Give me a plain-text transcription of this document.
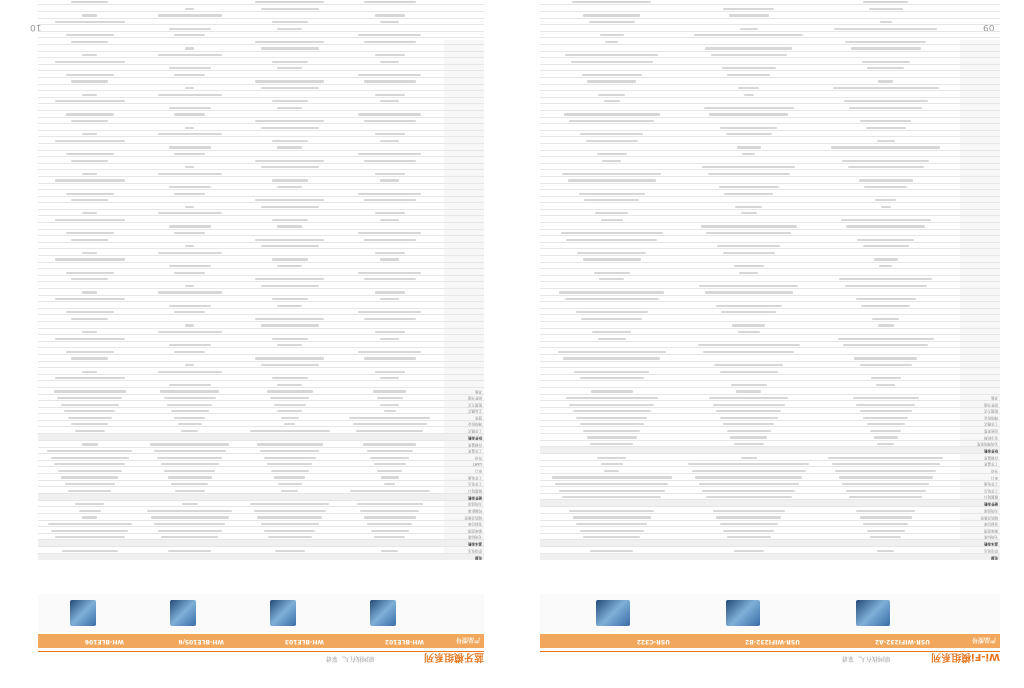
10
蓝牙模组系列
联网找有人，靠谱
产品型号
WH-BLE102
WH-BLE103
WH-BLE105/6
WH-BLE106
电源
供电电压
基本参数
无线标准
频率范围
发射功率
接收灵敏度
传输距离
天线选项
硬件参数
数据接口
工作电压
工作电流
串口
UART
外设
工作温度
存储温度
软件参数
工作模式
网络协议
透传
主从模式
配置方式
固件升级
其他
09
Wi-Fi模组系列
联网找有人，靠谱
产品型号
USR-WIFI232-A2
USR-WIFI232-B2
USR-C322
电源
供电电压
基本参数
无线标准
频率范围
发射功率
接收灵敏度
天线选项
硬件参数
数据接口
工作电压
工作电流
串口
外设
工作温度
存储温度
软件参数
无线网络类型
安全机制
加密类型
工作模式
网络协议
配置方式
固件升级
其他
